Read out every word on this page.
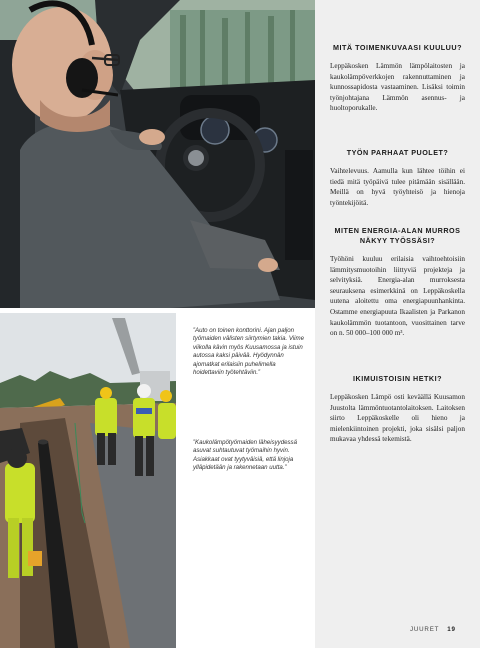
”Auto on toinen konttorini. Ajan paljon työmaiden välisten siirtymien takia. Viime viikolla kävin myös Kuusamossa ja istuin autossa kaksi päivää. Hyödynnän ajomatkat erilaisiin puhelimella hoidettaviin työtehtäviin.”
”Kaukolämpötyömaiden läheisyydessä asuvat suhtautuvat työmaihin hyvin. Asiakkaat ovat tyytyväisiä, että linjoja ylläpidetään ja rakennetaan uutta.”
MITÄ TOIMENKUVAASI KUULUU?

Leppäkosken Lämmön lämpölaitosten ja kaukolämpöverkkojen rakennuttaminen ja kunnossapidosta vastaaminen. Lisäksi toimin työnjohtajana Lämmön asennus- ja huoltoporukalle.

TYÖN PARHAAT PUOLET?

Vaihtelevuus. Aamulla kun lähtee töihin ei tiedä mitä työpäivä tulee pitämään sisällään. Meillä on hyvä työyhteisö ja hienoja työntekijöitä.

MITEN ENERGIA-ALAN MURROS NÄKYY TYÖSSÄSI?

Työhöni kuuluu erilaisia vaihtoehtoisiin lämmitysmuotoihin liittyviä projekteja ja selvityksiä. Energia-alan murroksesta seurauksena esimerkkinä on Leppäkoskella uutena aloitettu oma energiapuunhankinta. Ostamme energiapuuta Ikaalisten ja Parkanon kaukolämmön tuotantoon, vuosittainen tarve on n. 50 000–100 000 m³.

IKIMUISTOISIN HETKI?

Leppäkosken Lämpö osti keväällä Kuusamon Juustolta lämmöntuotantolaitoksen. Laitoksen siirto Leppäkoskelle oli hieno ja mielenkiintoinen projekti, joka sisälsi paljon mukavaa yhdessä tekemistä.

JUURET 19
